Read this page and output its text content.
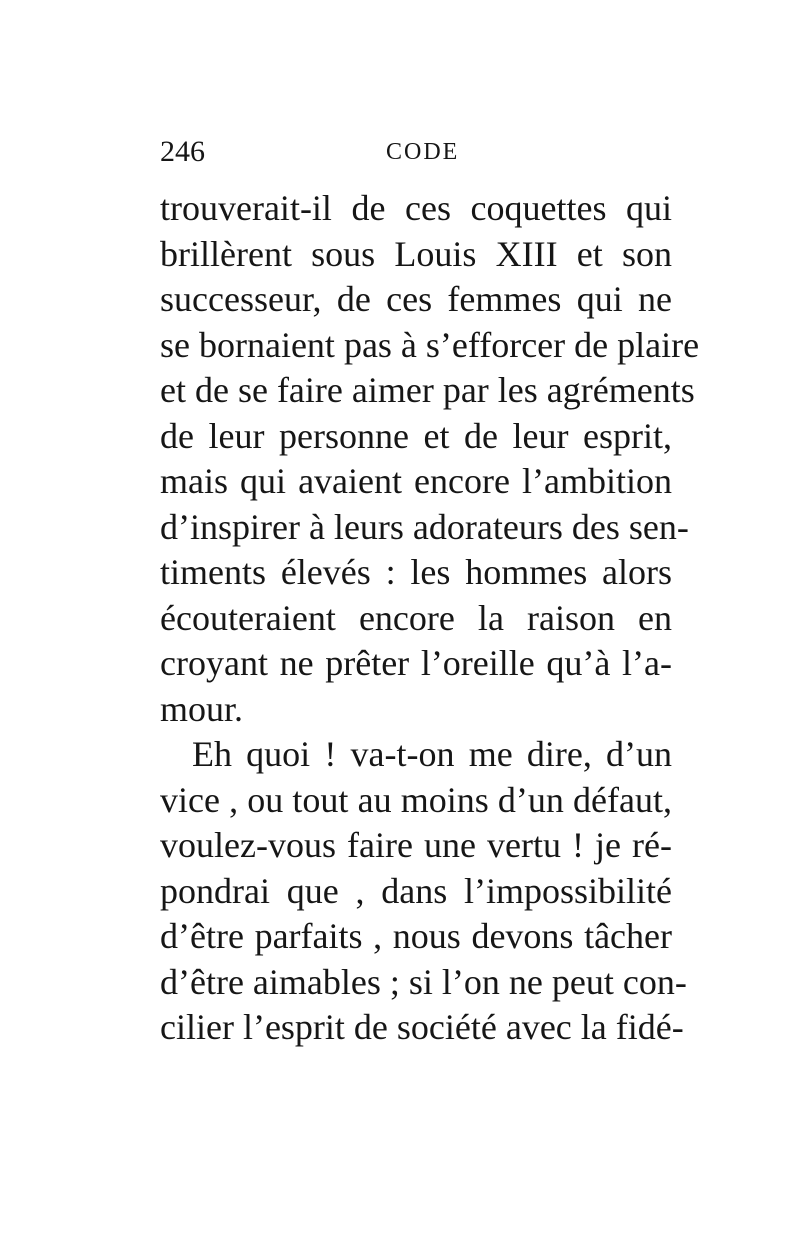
246	CODE
trouverait-il de ces coquettes qui
brillèrent sous Louis XIII et son
successeur, de ces femmes qui ne
se bornaient pas à s’efforcer de plaire
et de se faire aimer par les agréments
de leur personne et de leur esprit,
mais qui avaient encore l’ambition
d’inspirer à leurs adorateurs des sen-
timents élevés : les hommes alors
écouteraient encore la raison en
croyant ne prêter l’oreille qu’à l’a-
mour.
Eh quoi ! va-t-on me dire, d’un
vice , ou tout au moins d’un défaut,
voulez-vous faire une vertu ! je ré-
pondrai que , dans l’impossibilité
d’être parfaits , nous devons tâcher
d’être aimables ; si l’on ne peut con-
cilier l’esprit de société avec la fidé-
